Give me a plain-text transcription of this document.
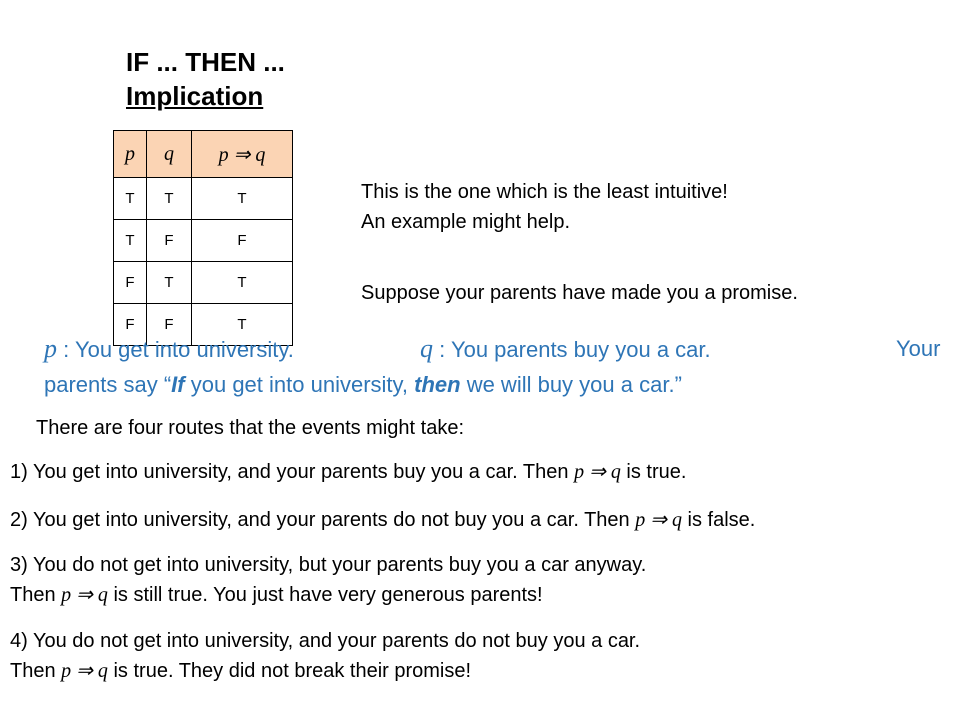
IF ... THEN ...
Implication
p	q	p ⇒ q
T	T	T
T	F	F
F	T	T
F	F	T
This is the one which is the least intuitive!
An example might help.
Suppose your parents have made you a promise.
p : You get into university.	q : You parents buy you a car.	Your
parents say “If you get into university, then we will buy you a car.”
There are four routes that the events might take:
1) You get into university, and your parents buy you a car. Then p ⇒ q is true.
2) You get into university, and your parents do not buy you a car. Then p ⇒ q is false.
3) You do not get into university, but your parents buy you a car anyway.
Then p ⇒ q is still true. You just have very generous parents!
4) You do not get into university, and your parents do not buy you a car.
Then p ⇒ q is true. They did not break their promise!
